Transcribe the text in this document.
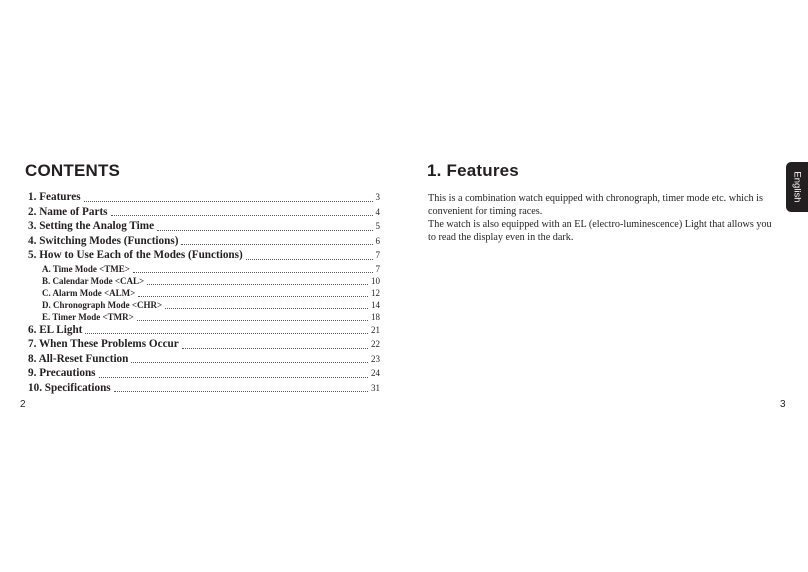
CONTENTS
1. Features	3
2. Name of Parts	4
3. Setting the Analog Time	5
4. Switching Modes (Functions)	6
5. How to Use Each of the Modes (Functions)	7
A. Time Mode <TME>	7
B. Calendar Mode <CAL>	10
C. Alarm Mode <ALM>	12
D. Chronograph Mode <CHR>	14
E. Timer Mode <TMR>	18
6. EL Light	21
7. When These Problems Occur	22
8. All-Reset Function	23
9. Precautions	24
10. Specifications	31
2
1. Features

This is a combination watch equipped with chronograph, timer mode etc. which is convenient for timing races.

The watch is also equipped with an EL (electro-luminescence) Light that allows you to read the display even in the dark.

English
3
